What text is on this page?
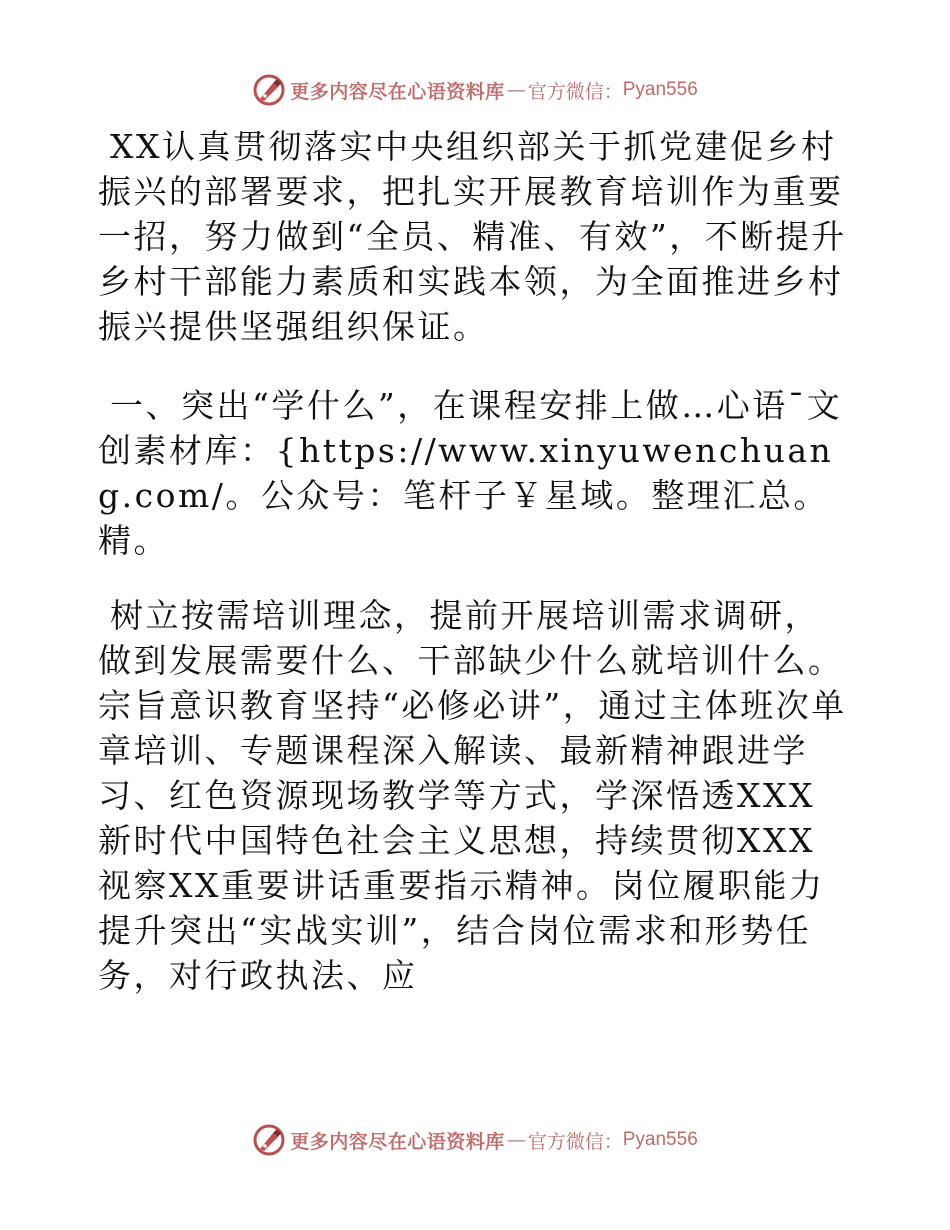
更多内容尽在心语资料库 — 官方微信： Pyan556

XX认真贯彻落实中央组织部关于抓党建促乡村振兴的部署要求，把扎实开展教育培训作为重要一招，努力做到“全员、精准、有效”，不断提升乡村干部能力素质和实践本领，为全面推进乡村振兴提供坚强组织保证。

一、突出“学什么”，在课程安排上做…心语¯文创素材库：{https://www.xinyuwenchuang.com/。公众号：笔杆子￥星域。整理汇总。精。

树立按需培训理念，提前开展培训需求调研，做到发展需要什么、干部缺少什么就培训什么。宗旨意识教育坚持“必修必讲”，通过主体班次单章培训、专题课程深入解读、最新精神跟进学习、红色资源现场教学等方式，学深悟透XXX新时代中国特色社会主义思想，持续贯彻XXX视察XX重要讲话重要指示精神。岗位履职能力提升突出“实战实训”，结合岗位需求和形势任务，对行政执法、应

更多内容尽在心语资料库 — 官方微信： Pyan556
